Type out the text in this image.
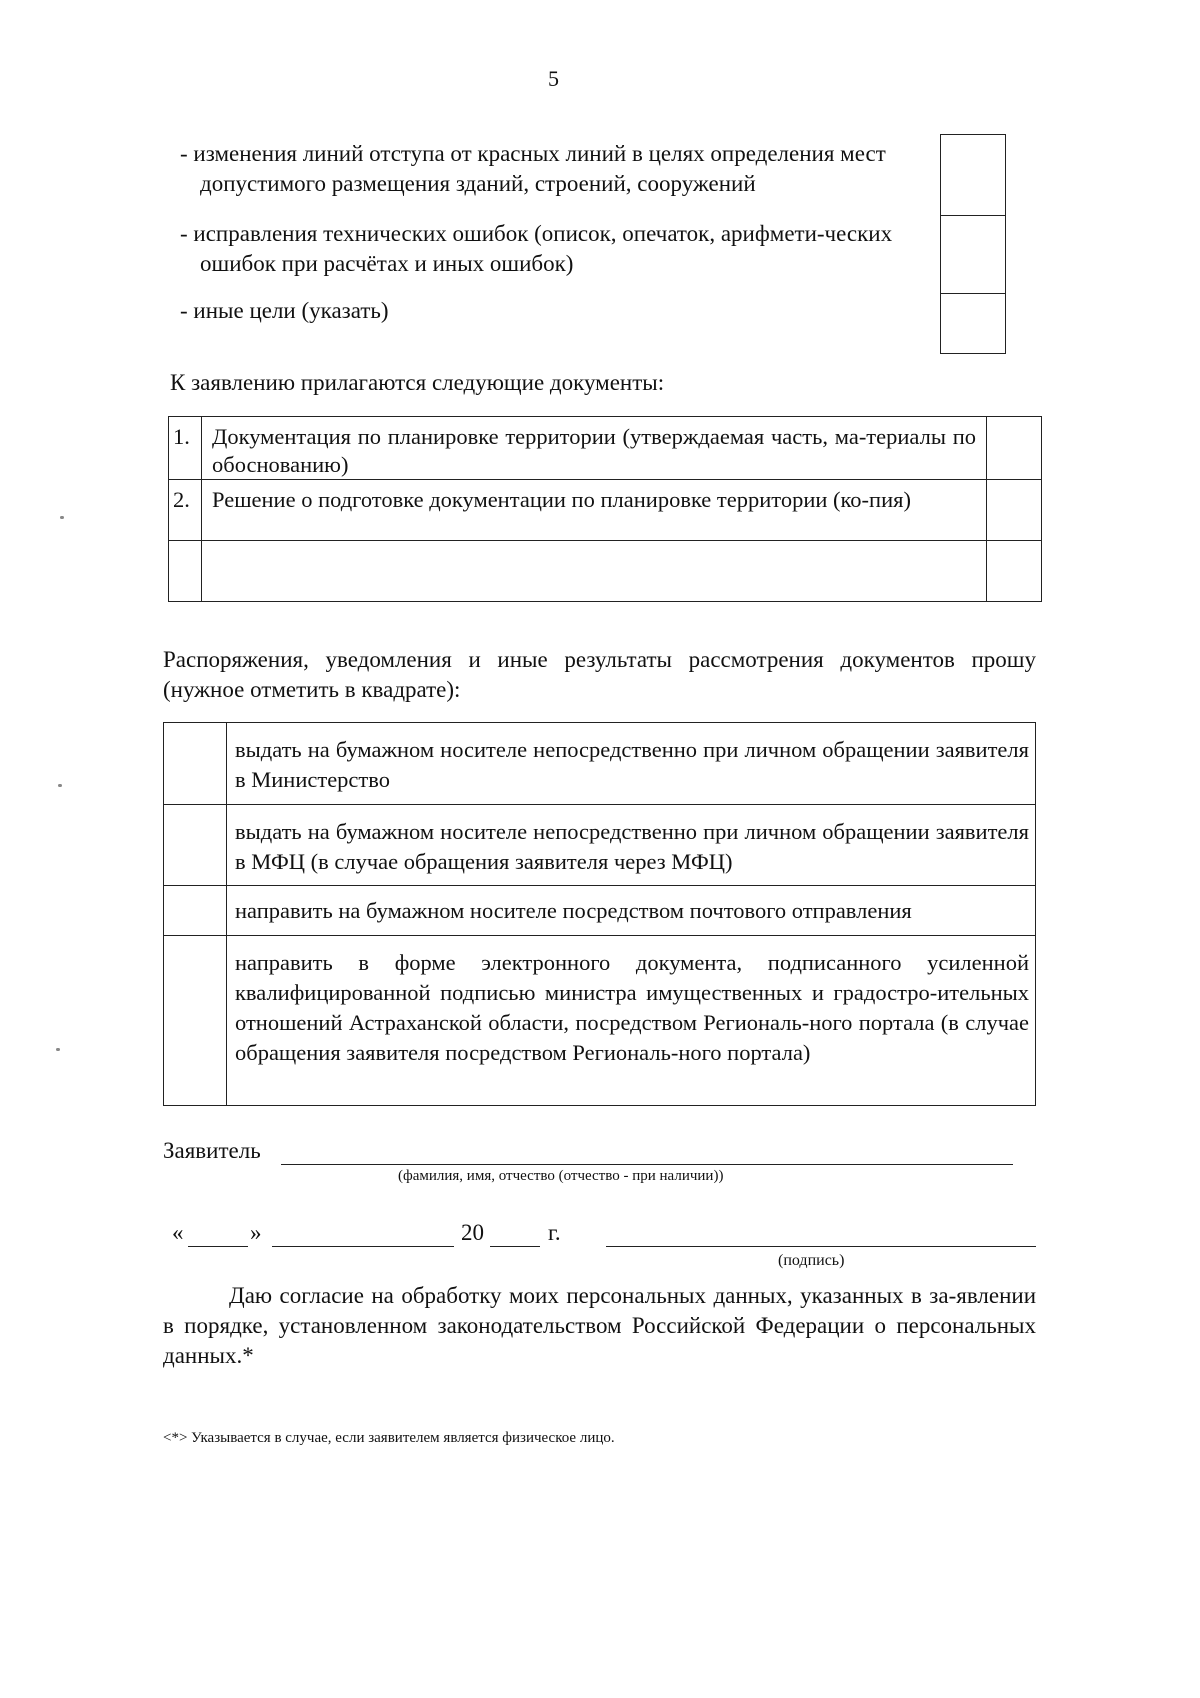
5
- изменения линий отступа от красных линий в целях определения мест допустимого размещения зданий, строений, сооружений
- исправления технических ошибок (описок, опечаток, арифмети-ческих ошибок при расчётах и иных ошибок)
- иные цели (указать)
К заявлению прилагаются следующие документы:
1.	Документация по планировке территории (утверждаемая часть, ма-териалы по обоснованию)	
2.	Решение о подготовке документации по планировке территории (ко-пия)	

Распоряжения, уведомления и иные результаты рассмотрения документов прошу (нужное отметить в квадрате):
	выдать на бумажном носителе непосредственно при личном обращении заявителя в Министерство
	выдать на бумажном носителе непосредственно при личном обращении заявителя в МФЦ (в случае обращения заявителя через МФЦ)
	направить на бумажном носителе посредством почтового отправления
	направить в форме электронного документа, подписанного усиленной квалифицированной подписью министра имущественных и градостро-ительных отношений Астраханской области, посредством Региональ-ного портала (в случае обращения заявителя посредством Региональ-ного портала)
Заявитель
(фамилия, имя, отчество (отчество - при наличии))
«	»	20	г.
(подпись)
Даю согласие на обработку моих персональных данных, указанных в за-явлении в порядке, установленном законодательством Российской Федерации о персональных данных.*
<*> Указывается в случае, если заявителем является физическое лицо.
